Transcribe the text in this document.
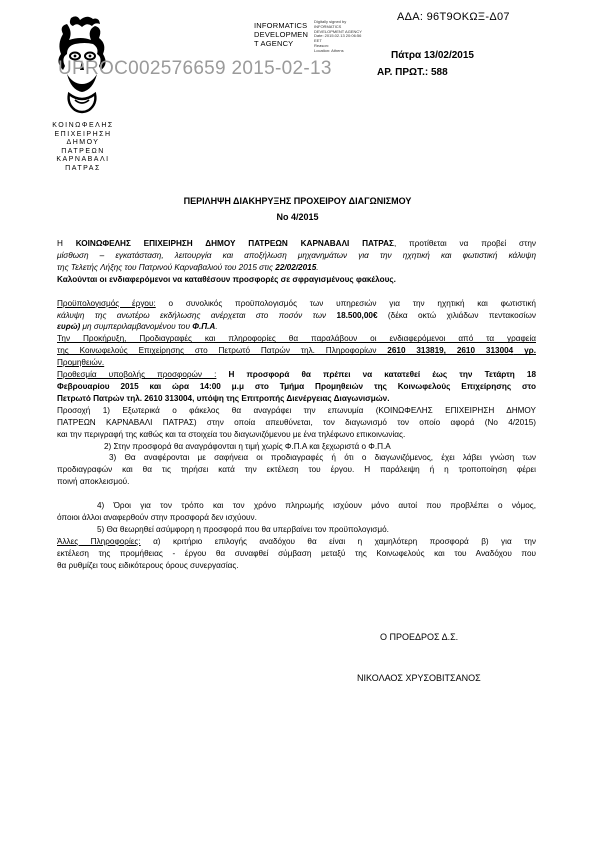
ΑΔΑ: 96Τ9ΟΚΩΞ-Δ07
INFORMATICS
DEVELOPMEN
T AGENCY
Digitally signed by
INFORMATICS
DEVELOPMENT AGENCY
Date: 2015.02.13 20:06:56
EET
Reason:
Location: Athens
UPROC002576659 2015-02-13
Πάτρα 13/02/2015
ΑΡ. ΠΡΩΤ.: 588
ΚΟΙΝΩΦΕΛΗΣ
ΕΠΙΧΕΙΡΗΣΗ
ΔΗΜΟΥ
ΠΑΤΡΕΩΝ
ΚΑΡΝΑΒΑΛΙ
ΠΑΤΡΑΣ
ΠΕΡΙΛΗΨΗ ΔΙΑΚΗΡΥΞΗΣ ΠΡΟΧΕΙΡΟΥ ΔΙΑΓΩΝΙΣΜΟΥ
Νο 4/2015

Η ΚΟΙΝΩΦΕΛΗΣ ΕΠΙΧΕΙΡΗΣΗ ΔΗΜΟΥ ΠΑΤΡΕΩΝ ΚΑΡΝΑΒΑΛΙ ΠΑΤΡΑΣ, προτίθεται να προβεί στην

μίσθωση – εγκατάσταση, λειτουργία και αποξήλωση μηχανημάτων για την ηχητική και φωτιστική κάλυψη

της Τελετής Λήξης του Πατρινού Καρναβαλιού του 2015 στις 22/02/2015.

Καλούνται οι ενδιαφερόμενοι να καταθέσουν προσφορές σε σφραγισμένους φακέλους.

Προϋπολογισμός έργου: ο συνολικός προϋπολογισμός των υπηρεσιών για την ηχητική και φωτιστική

κάλυψη της ανωτέρω εκδήλωσης ανέρχεται στο ποσόν των 18.500,00€ (δέκα οκτώ χιλιάδων πεντακοσίων

ευρώ) μη συμπεριλαμβανομένου του Φ.Π.Α.

Την Προκήρυξη, Προδιαγραφές και πληροφορίες θα παραλάβουν οι ενδιαφερόμενοι από τα γραφεία

της Κοινωφελούς Επιχείρησης στο Πετρωτό Πατρών τηλ. Πληροφορίων 2610 313819, 2610 313004 γρ.

Προμηθειών.

Προθεσμία υποβολής προσφορών : Η προσφορά θα πρέπει να κατατεθεί έως την Τετάρτη 18

Φεβρουαρίου 2015 και ώρα 14:00 μ.μ στο Τμήμα Προμηθειών της Κοινωφελούς Επιχείρησης στο

Πετρωτό Πατρών τηλ. 2610 313004, υπόψη της Επιτροπής Διενέργειας Διαγωνισμών.

Προσοχή 1) Εξωτερικά ο φάκελος θα αναγράφει την επωνυμία (ΚΟΙΝΩΦΕΛΗΣ ΕΠΙΧΕΙΡΗΣΗ ΔΗΜΟΥ

ΠΑΤΡΕΩΝ ΚΑΡΝΑΒΑΛΙ ΠΑΤΡΑΣ) στην οποία απευθύνεται, τον διαγωνισμό τον οποίο αφορά (Νο 4/2015)

και την περιγραφή της καθώς και τα στοιχεία του διαγωνιζόμενου με ένα τηλέφωνο επικοινωνίας.

2) Στην προσφορά θα αναγράφονται η τιμή χωρίς Φ.Π.Α και ξεχωριστά ο Φ.Π.Α

3) Θα αναφέρονται με σαφήνεια οι προδιαγραφές ή ότι ο διαγωνιζόμενος, έχει λάβει γνώση των

προδιαγραφών και θα τις τηρήσει κατά την εκτέλεση του έργου. Η παράλειψη ή η τροποποίηση φέρει

ποινή αποκλεισμού.

4) Όροι για τον τρόπο και τον χρόνο πληρωμής ισχύουν μόνο αυτοί που προβλέπει ο νόμος,

όποιοι άλλοι αναφερθούν στην προσφορά δεν ισχύουν.

5) Θα θεωρηθεί ασύμφορη η προσφορά που θα υπερβαίνει τον προϋπολογισμό.

Άλλες Πληροφορίες: α) κριτήριο επιλογής αναδόχου θα είναι η χαμηλότερη προσφορά β) για την

εκτέλεση της προμήθειας - έργου θα συναφθεί σύμβαση μεταξύ της Κοινωφελούς και του Αναδόχου που

θα ρυθμίζει τους ειδικότερους όρους συνεργασίας.

Ο ΠΡΟΕΔΡΟΣ Δ.Σ.
ΝΙΚΟΛΑΟΣ ΧΡΥΣΟΒΙΤΣΑΝΟΣ
